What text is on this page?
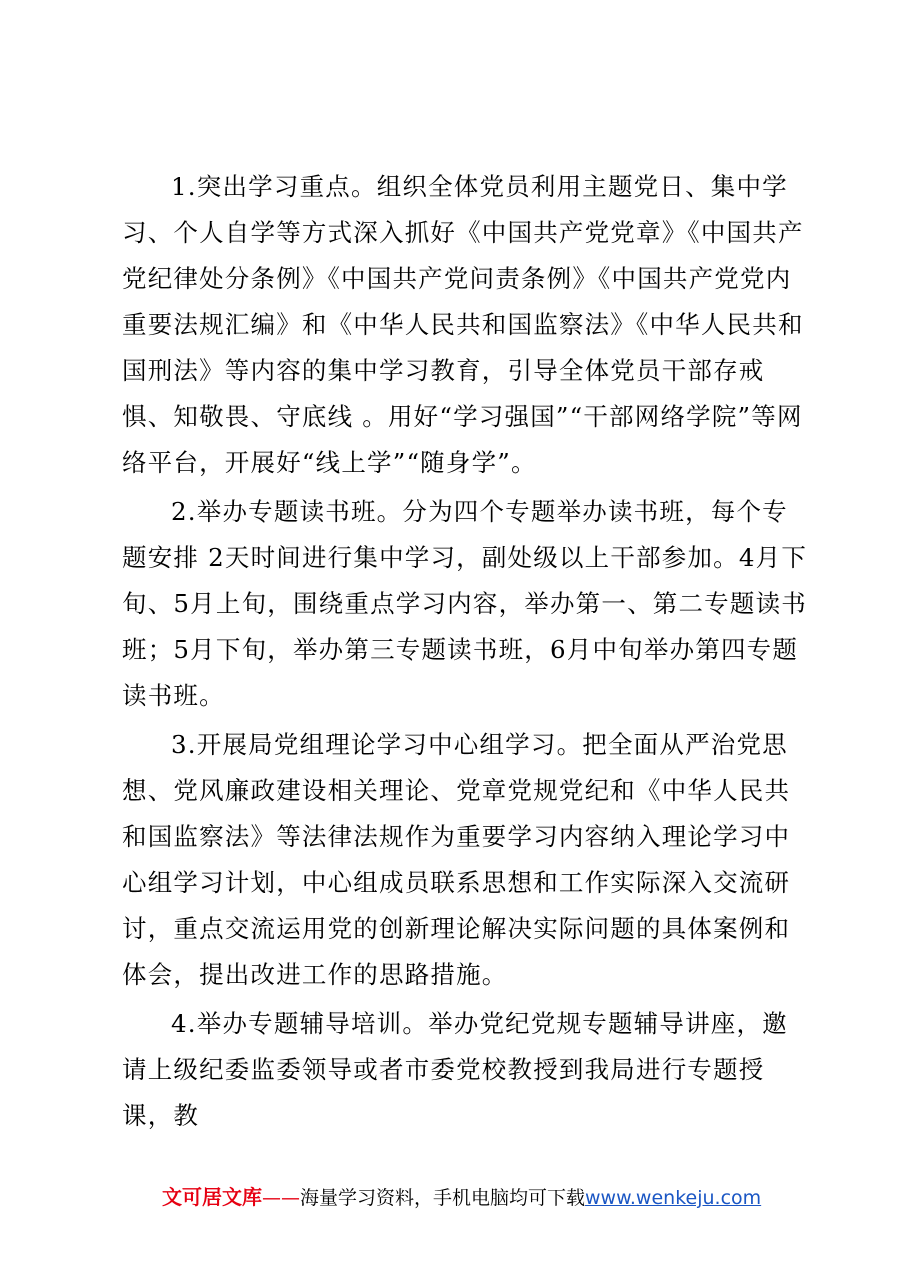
1.突出学习重点。组织全体党员利用主题党日、集中学习、个人自学等方式深入抓好《中国共产党党章》《中国共产党纪律处分条例》《中国共产党问责条例》《中国共产党党内重要法规汇编》和《中华人民共和国监察法》《中华人民共和国刑法》等内容的集中学习教育，引导全体党员干部存戒惧、知敬畏、守底线 。用好“学习强国”“干部网络学院”等网络平台，开展好“线上学”“随身学”。

2.举办专题读书班。分为四个专题举办读书班，每个专题安排 2天时间进行集中学习，副处级以上干部参加。4月下旬、5月上旬，围绕重点学习内容，举办第一、第二专题读书班；5月下旬，举办第三专题读书班，6月中旬举办第四专题读书班。

3.开展局党组理论学习中心组学习。把全面从严治党思想、党风廉政建设相关理论、党章党规党纪和《中华人民共和国监察法》等法律法规作为重要学习内容纳入理论学习中心组学习计划，中心组成员联系思想和工作实际深入交流研讨，重点交流运用党的创新理论解决实际问题的具体案例和体会，提出改进工作的思路措施。

4.举办专题辅导培训。举办党纪党规专题辅导讲座，邀请上级纪委监委领导或者市委党校教授到我局进行专题授课，教

文可居文库——海量学习资料，手机电脑均可下载www.wenkeju.com
